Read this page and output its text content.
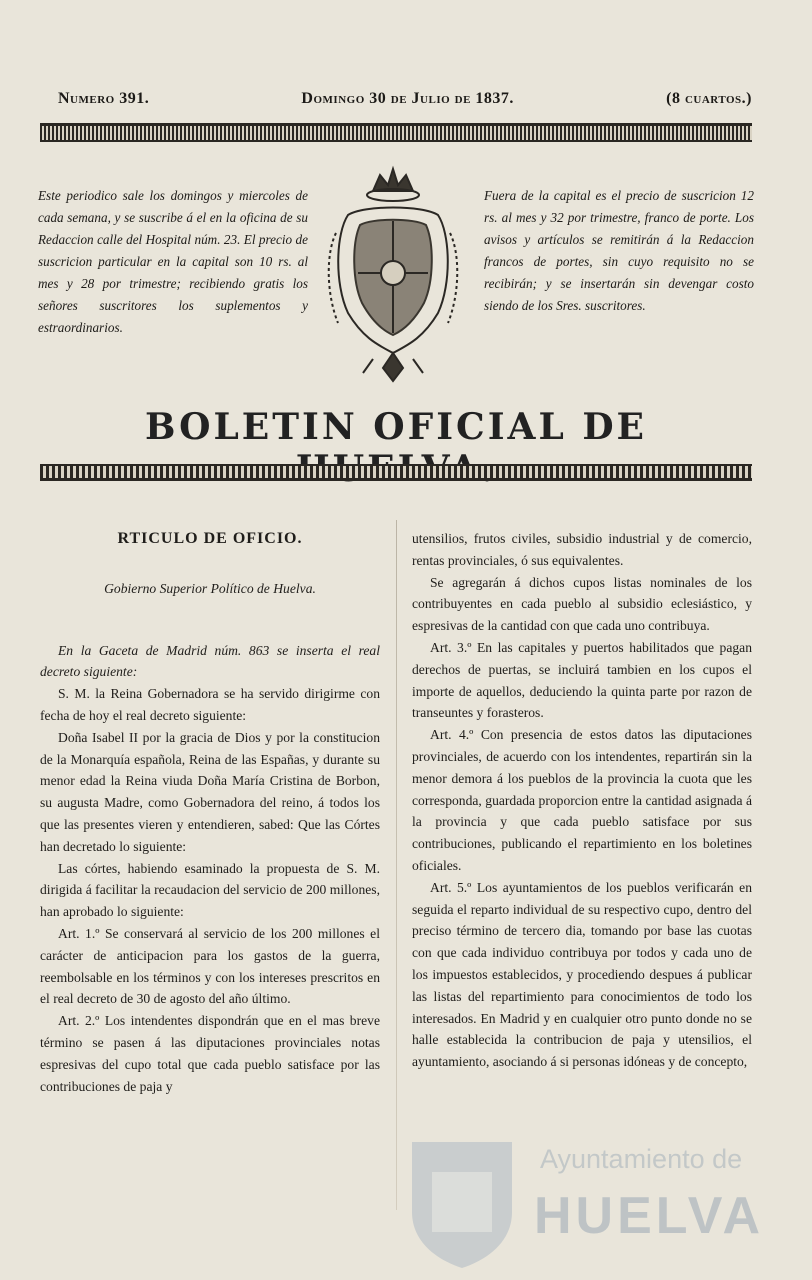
Numero 391.	Domingo 30 de Julio de 1837.	(8 cuartos.)
Este periodico sale los domingos y miercoles de cada semana, y se suscribe á el en la oficina de su Redaccion calle del Hospital núm. 23. El precio de suscricion particular en la capital son 10 rs. al mes y 28 por trimestre; recibiendo gratis los señores suscritores los suplementos y estraordinarios.
Fuera de la capital es el precio de suscricion 12 rs. al mes y 32 por trimestre, franco de porte. Los avisos y artículos se remitirán á la Redaccion francos de portes, sin cuyo requisito no se recibirán; y se insertarán sin devengar costo siendo de los Sres. suscritores.
BOLETIN OFICIAL DE

RTICULO DE OFICIO.

Gobierno Superior Político de Huelva.

En la Gaceta de Madrid núm. 863 se inserta el real decreto siguiente:

S. M. la Reina Gobernadora se ha servido dirigirme con fecha de hoy el real decreto siguiente:

Doña Isabel II por la gracia de Dios y por la constitucion de la Monarquía española, Reina de las Españas, y durante su menor edad la Reina viuda Doña María Cristina de Borbon, su augusta Madre, como Gobernadora del reino, á todos los que las presentes vieren y entendieren, sabed: Que las Córtes han decretado lo siguiente:

Las córtes, habiendo esaminado la propuesta de S. M. dirigida á facilitar la recaudacion del servicio de 200 millones, han aprobado lo siguiente:

Art. 1.º Se conservará al servicio de los 200 millones el carácter de anticipacion para los gastos de la guerra, reembolsable en los términos y con los intereses prescritos en el real decreto de 30 de agosto del año último.

Art. 2.º Los intendentes dispondrán que en el mas breve término se pasen á las diputaciones provinciales notas espresivas del cupo total que cada pueblo satisface por las contribuciones de paja y

utensilios, frutos civiles, subsidio industrial y de comercio, rentas provinciales, ó sus equivalentes.

Se agregarán á dichos cupos listas nominales de los contribuyentes en cada pueblo al subsidio eclesiástico, y espresivas de la cantidad con que cada uno contribuya.

Art. 3.º En las capitales y puertos habilitados que pagan derechos de puertas, se incluirá tambien en los cupos el importe de aquellos, deduciendo la quinta parte por razon de transeuntes y forasteros.

Art. 4.º Con presencia de estos datos las diputaciones provinciales, de acuerdo con los intendentes, repartirán sin la menor demora á los pueblos de la provincia la cuota que les corresponda, guardada proporcion entre la cantidad asignada á la provincia y que cada pueblo satisface por sus contribuciones, publicando el repartimiento en los boletines oficiales.

Art. 5.º Los ayuntamientos de los pueblos verificarán en seguida el reparto individual de su respectivo cupo, dentro del preciso término de tercero dia, tomando por base las cuotas con que cada individuo contribuya por todos y cada uno de los impuestos establecidos, y procediendo despues á publicar las listas del repartimiento para conocimientos de todo los interesados. En Madrid y en cualquier otro punto donde no se halle establecida la contribucion de paja y utensilios, el ayuntamiento, asociando á si personas idóneas y de concepto,

Ayuntamiento de
HUELVA
